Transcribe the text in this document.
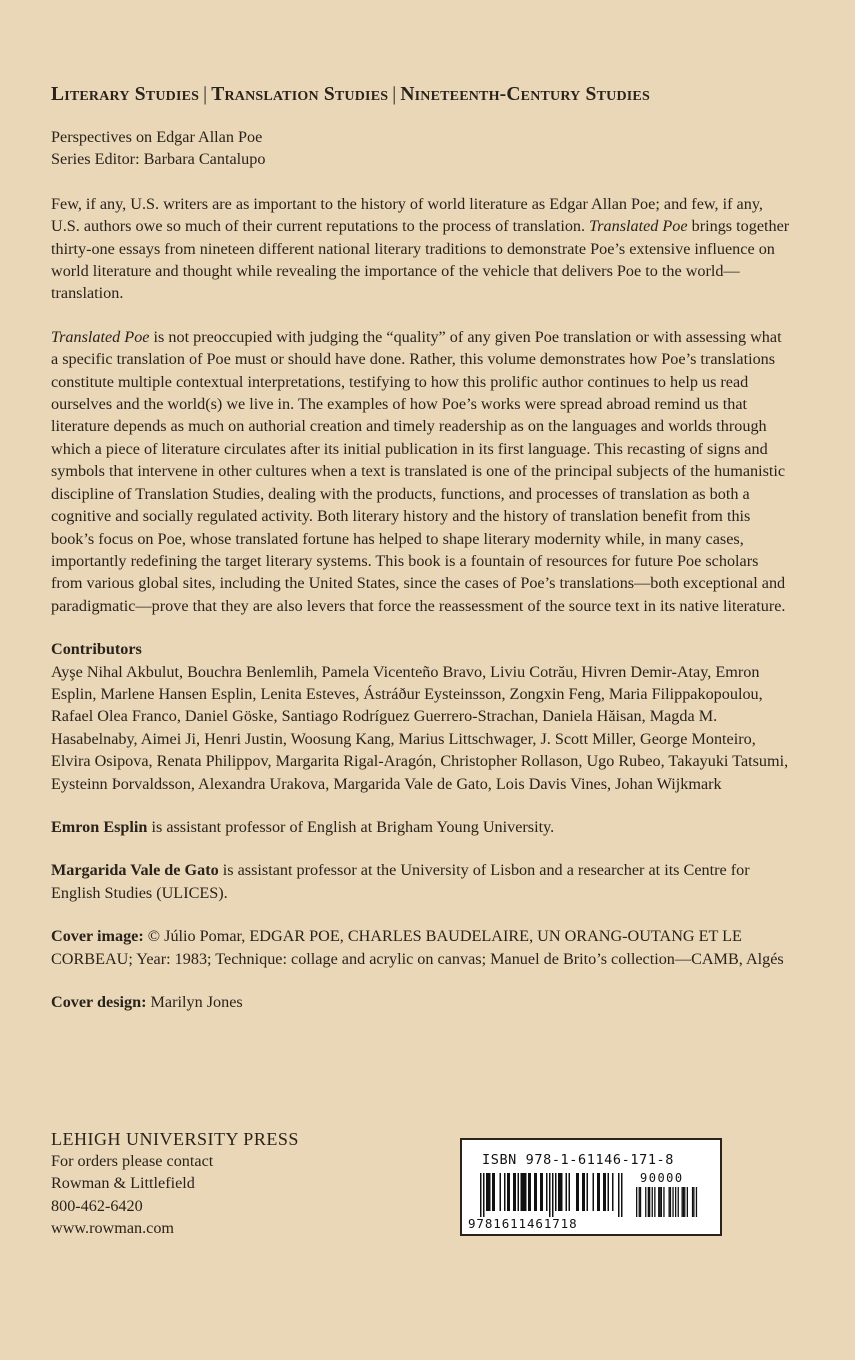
Literary Studies | Translation Studies | Nineteenth-Century Studies
Perspectives on Edgar Allan Poe
Series Editor: Barbara Cantalupo

Few, if any, U.S. writers are as important to the history of world literature as Edgar Allan Poe; and few, if any, U.S. authors owe so much of their current reputations to the process of translation. Translated Poe brings together thirty-one essays from nineteen different national literary traditions to demonstrate Poe’s extensive influence on world literature and thought while revealing the importance of the vehicle that delivers Poe to the world—translation.

Translated Poe is not preoccupied with judging the “quality” of any given Poe translation or with assessing what a specific translation of Poe must or should have done. Rather, this volume demonstrates how Poe’s translations constitute multiple contextual interpretations, testifying to how this prolific author continues to help us read ourselves and the world(s) we live in. The examples of how Poe’s works were spread abroad remind us that literature depends as much on authorial creation and timely readership as on the languages and worlds through which a piece of literature circulates after its initial publication in its first language. This recasting of signs and symbols that intervene in other cultures when a text is translated is one of the principal subjects of the humanistic discipline of Translation Studies, dealing with the products, functions, and processes of translation as both a cognitive and socially regulated activity. Both literary history and the history of translation benefit from this book’s focus on Poe, whose translated fortune has helped to shape literary modernity while, in many cases, importantly redefining the target literary systems. This book is a fountain of resources for future Poe scholars from various global sites, including the United States, since the cases of Poe’s translations—both exceptional and paradigmatic—prove that they are also levers that force the reassessment of the source text in its native literature.

Contributors
Ayşe Nihal Akbulut, Bouchra Benlemlih, Pamela Vicenteño Bravo, Liviu Cotrău, Hivren Demir-Atay, Emron Esplin, Marlene Hansen Esplin, Lenita Esteves, Ástráður Eysteinsson, Zongxin Feng, Maria Filippakopoulou, Rafael Olea Franco, Daniel Göske, Santiago Rodríguez Guerrero-Strachan, Daniela Hăisan, Magda M. Hasabelnaby, Aimei Ji, Henri Justin, Woosung Kang, Marius Littschwager, J. Scott Miller, George Monteiro, Elvira Osipova, Renata Philippov, Margarita Rigal-Aragón, Christopher Rollason, Ugo Rubeo, Takayuki Tatsumi, Eysteinn Þorvaldsson, Alexandra Urakova, Margarida Vale de Gato, Lois Davis Vines, Johan Wijkmark
Emron Esplin is assistant professor of English at Brigham Young University.
Margarida Vale de Gato is assistant professor at the University of Lisbon and a researcher at its Centre for English Studies (ULICES).
Cover image: © Júlio Pomar, EDGAR POE, CHARLES BAUDELAIRE, UN ORANG-OUTANG ET LE CORBEAU; Year: 1983; Technique: collage and acrylic on canvas; Manuel de Brito’s collection—CAMB, Algés
Cover design: Marilyn Jones
LEHIGH UNIVERSITY PRESS
For orders please contact
Rowman & Littlefield
800-462-6420
www.rowman.com
ISBN 978-1-61146-171-8
90000
9781611461718
